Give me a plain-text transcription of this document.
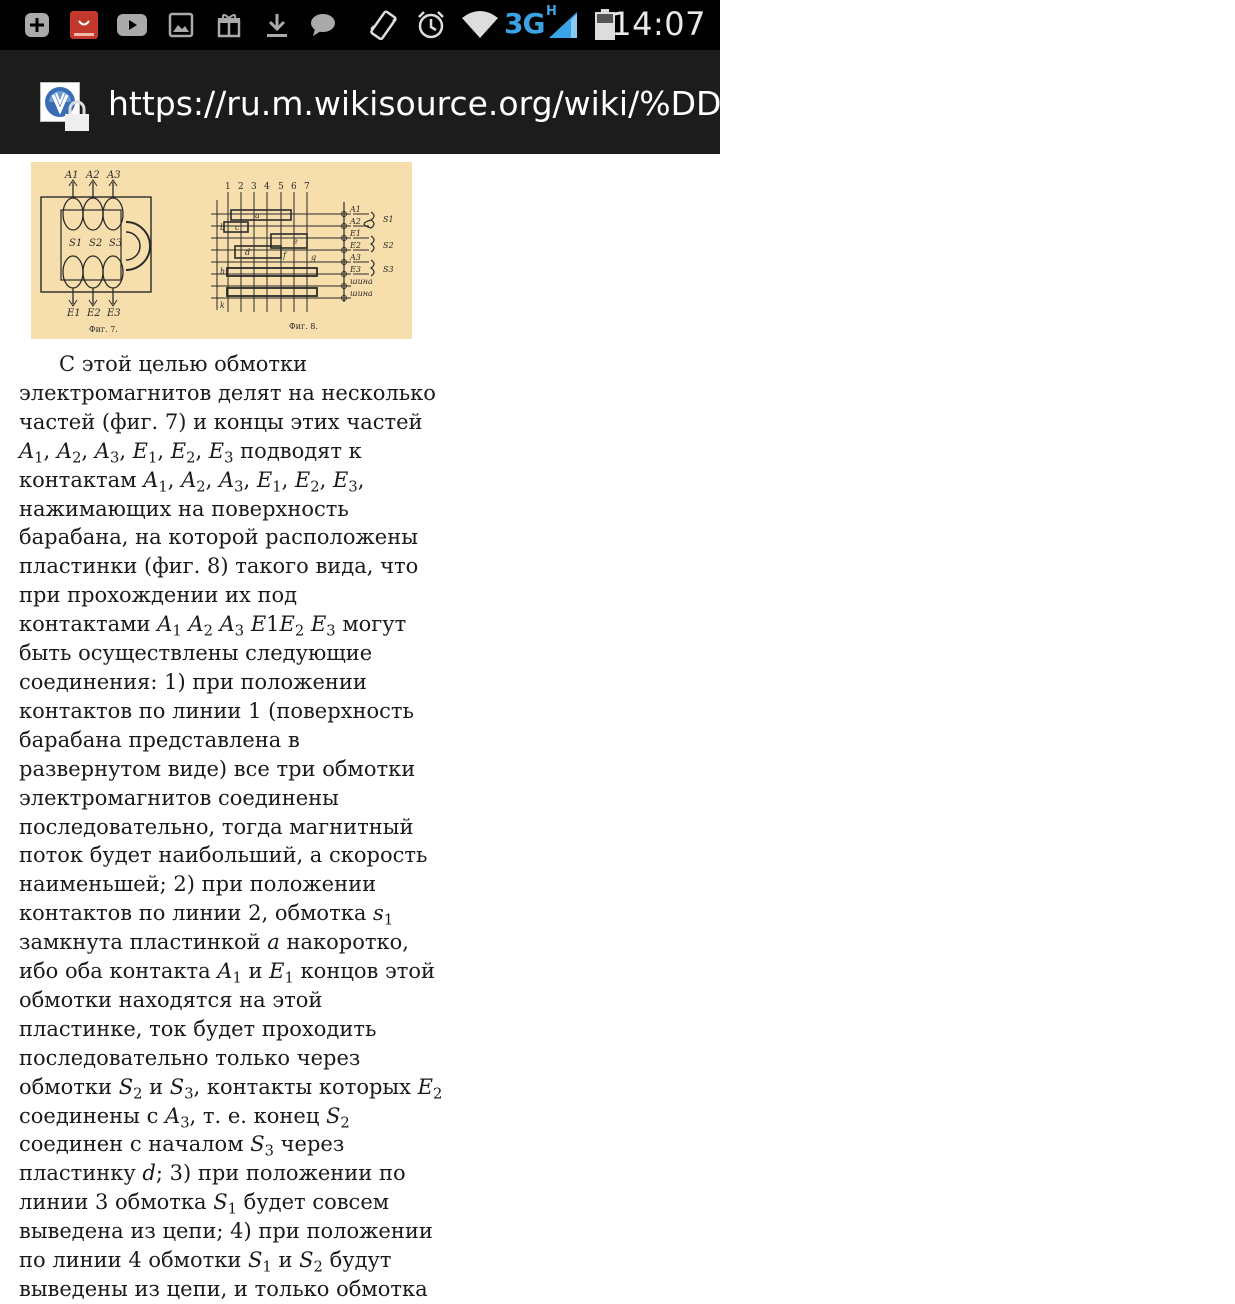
3G H 14:07
https://ru.m.wikisource.org/wiki/%DD%EB%E5%EA%F2%F0%EE%EC
A1 A2 A3
S1 S2 S3
E1 E2 E3
Фиг. 7.
1 2 3 4 5 6 7
A1
A2
E1
E2
A3
E3
S1
S2
S3
шина
шина
a
b c
d
e
f	g
h
k
Фиг. 8.
С этой целью обмотки
электромагнитов делят на несколько
частей (фиг. 7) и концы этих частей
$A_1$, $A_2$, $A_3$, $E_1$, $E_2$, $E_3$ подводят к
контактам $A_1$, $A_2$, $A_3$, $E_1$, $E_2$, $E_3$,
нажимающих на поверхность
барабана, на которой расположены
пластинки (фиг. 8) такого вида, что
при прохождении их под
контактами $A_1$ $A_2$ $A_3$ $E1E_2$ $E_3$ могут
быть осуществлены следующие
соединения: 1) при положении
контактов по линии 1 (поверхность
барабана представлена в
развернутом виде) все три обмотки
электромагнитов соединены
последовательно, тогда магнитный
поток будет наибольший, а скорость
наименьшей; 2) при положении
контактов по линии 2, обмотка $s_1$
замкнута пластинкой a накоротко,
ибо оба контакта $A_1$ и $E_1$ концов этой
обмотки находятся на этой
пластинке, ток будет проходить
последовательно только через
обмотки $S_2$ и $S_3$, контакты которых $E_2$
соединены с $A_3$, т. е. конец $S_2$
соединен с началом $S_3$ через
пластинку d; 3) при положении по
линии 3 обмотка $S_1$ будет совсем
выведена из цепи; 4) при положении
по линии 4 обмотки $S_1$ и $S_2$ будут
выведены из цепи, и только обмотка
